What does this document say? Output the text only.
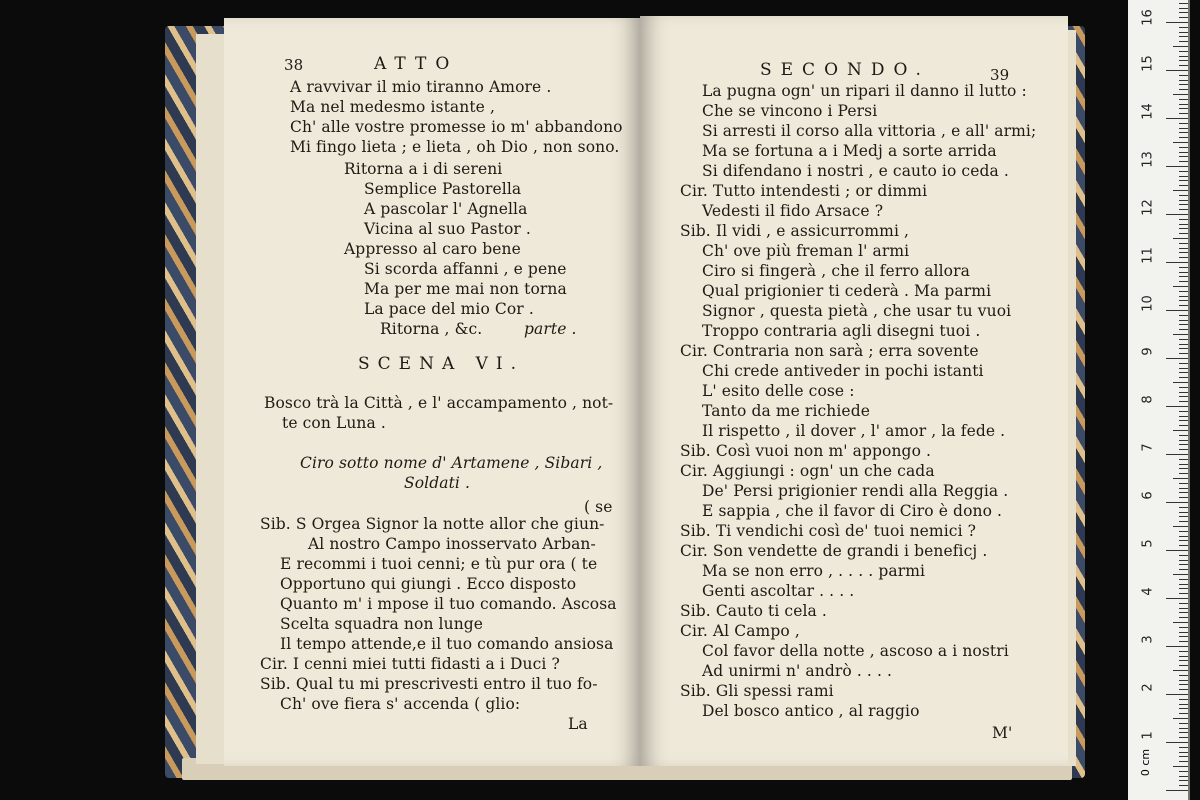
38	ATTO
A ravvivar il mio tiranno Amore .
Ma nel medesmo istante ,
Ch' alle vostre promesse io m' abbandono
Mi fingo lieta ; e lieta , oh Dio , non sono.
Ritorna a i di sereni
Semplice Pastorella
A pascolar l' Agnella
Vicina al suo Pastor .
Appresso al caro bene
Si scorda affanni , e pene
Ma per me mai non torna
La pace del mio Cor .
Ritorna , &c.	parte .
SCENA VI.
Bosco trà la Città , e l' accampamento , not-
te con Luna .
Ciro sotto nome d' Artamene , Sibari ,
Soldati .
( se
Sib. S Orgea Signor la notte allor che giun-
Al nostro Campo inosservato Arban-
E recommi i tuoi cenni; e tù pur ora ( te
Opportuno qui giungi . Ecco disposto
Quanto m' i mpose il tuo comando. Ascosa
Scelta squadra non lunge
Il tempo attende,e il tuo comando ansiosa
Cir. I cenni miei tutti fidasti a i Duci ?
Sib. Qual tu mi prescrivesti entro il tuo fo-
Ch' ove fiera s' accenda ( glio:
La
SECONDO.	39
La pugna ogn' un ripari il danno il lutto :
Che se vincono i Persi
Si arresti il corso alla vittoria , e all' armi;
Ma se fortuna a i Medj a sorte arrida
Si difendano i nostri , e cauto io ceda .
Cir. Tutto intendesti ; or dimmi
Vedesti il fido Arsace ?
Sib. Il vidi , e assicurrommi ,
Ch' ove più freman l' armi
Ciro si fingerà , che il ferro allora
Qual prigionier ti cederà . Ma parmi
Signor , questa pietà , che usar tu vuoi
Troppo contraria agli disegni tuoi .
Cir. Contraria non sarà ; erra sovente
Chi crede antiveder in pochi istanti
L' esito delle cose :
Tanto da me richiede
Il rispetto , il dover , l' amor , la fede .
Sib. Così vuoi non m' appongo .
Cir. Aggiungi : ogn' un che cada
De' Persi prigionier rendi alla Reggia .
E sappia , che il favor di Ciro è dono .
Sib. Ti vendichi così de' tuoi nemici ?
Cir. Son vendette de grandi i beneficj .
Ma se non erro , . . . . parmi
Genti ascoltar . . . .
Sib. Cauto ti cela .
Cir. Al Campo ,
Col favor della notte , ascoso a i nostri
Ad unirmi n' andrò . . . .
Sib. Gli spessi rami
Del bosco antico , al raggio
M'
0 cm
1
2
3
4
5
6
7
8
9
10
11
12
13
14
15
16
